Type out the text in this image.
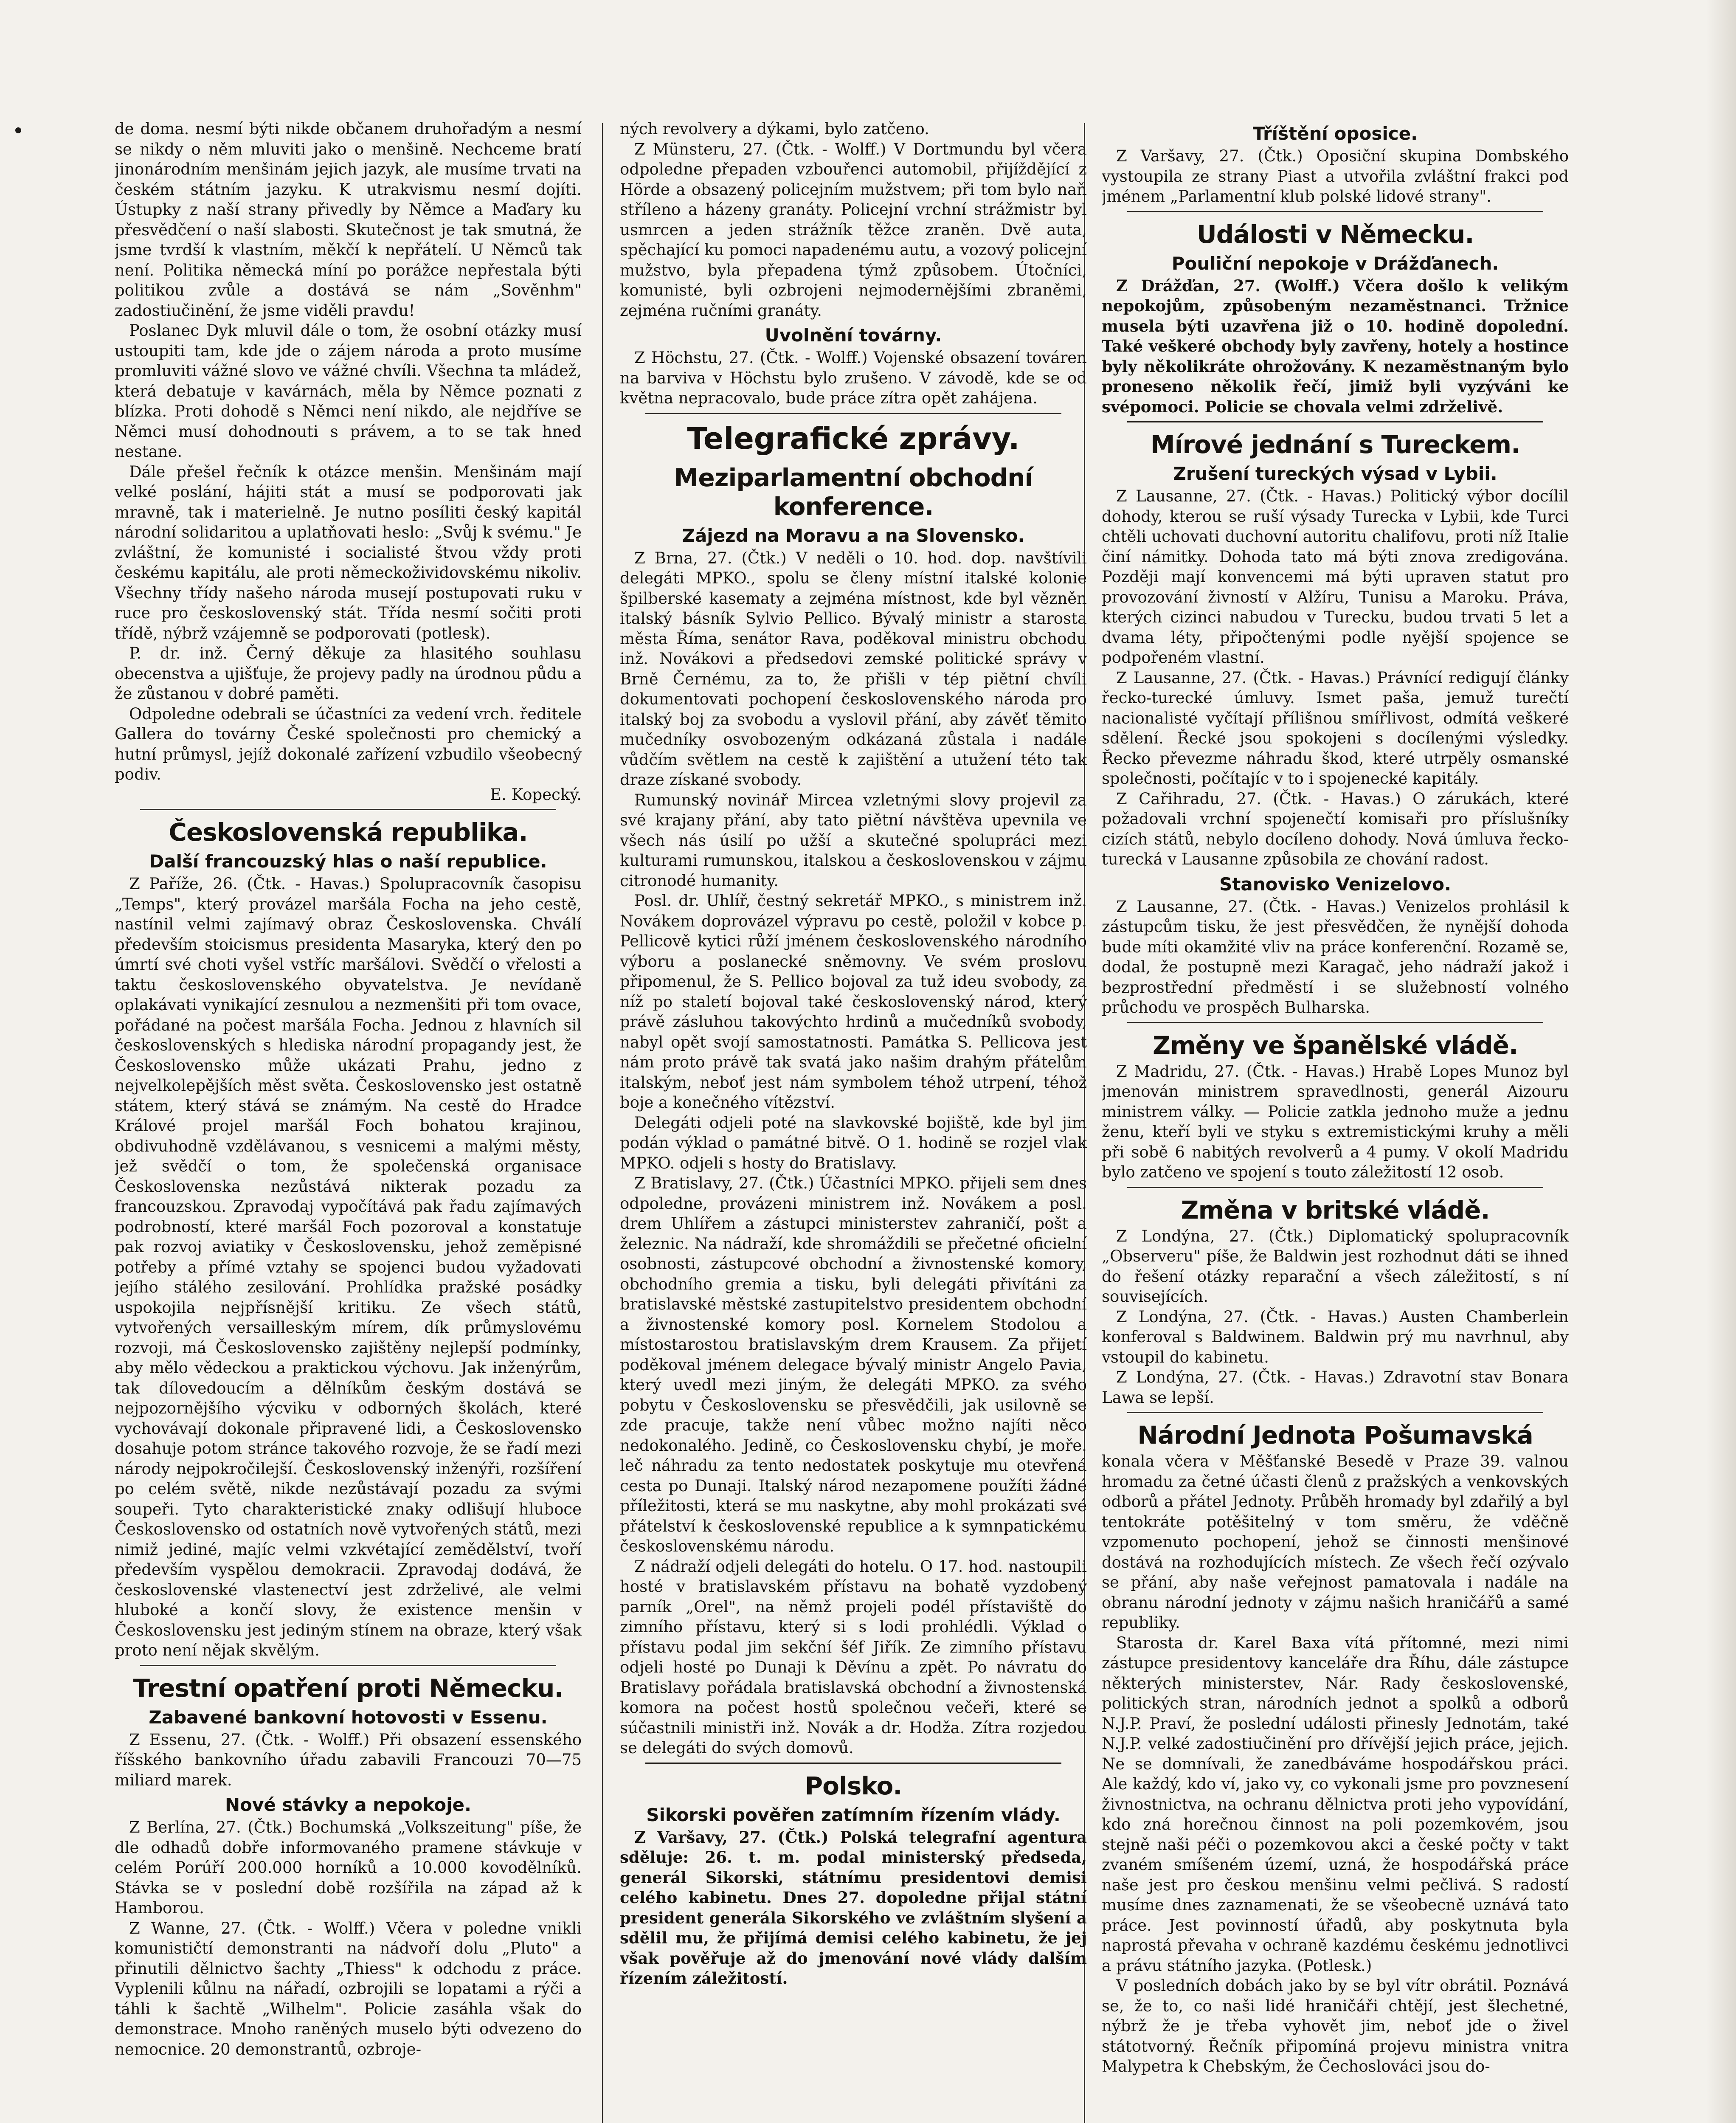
de doma. nesmí býti nikde občanem druhořadým a nesmí se nikdy o něm mluviti jako o menšině. Nechceme bratí jinonárodním menšinám jejich jazyk, ale musíme trvati na českém státním jazyku. K utrakvismu nesmí dojíti. Ústupky z naší strany přivedly by Němce a Maďary ku přesvědčení o naší slabosti. Skutečnost je tak smutná, že jsme tvrdší k vlastním, měkčí k nepřátelí. U Němců tak není. Politika německá míní po porážce nepřestala býti politikou zvůle a dostává se nám „Sověnhm" zadostiučinění, že jsme viděli pravdu!

Poslanec Dyk mluvil dále o tom, že osobní otázky musí ustoupiti tam, kde jde o zájem národa a proto musíme promluviti vážné slovo ve vážné chvíli. Všechna ta mládež, která debatuje v kavárnách, měla by Němce poznati z blízka. Proti dohodě s Němci není nikdo, ale nejdříve se Němci musí dohodnouti s právem, a to se tak hned nestane.

Dále přešel řečník k otázce menšin. Menšinám mají velké poslání, hájiti stát a musí se podporovati jak mravně, tak i materielně. Je nutno posíliti český kapitál národní solidaritou a uplatňovati heslo: „Svůj k svému." Je zvláštní, že komunisté i socialisté štvou vždy proti českému kapitálu, ale proti německožividovskému nikoliv. Všechny třídy našeho národa musejí postupovati ruku v ruce pro československý stát. Třída nesmí sočiti proti třídě, nýbrž vzájemně se podporovati (potlesk).

P. dr. inž. Černý děkuje za hlasitého souhlasu obecenstva a ujišťuje, že projevy padly na úrodnou půdu a že zůstanou v dobré paměti.

Odpoledne odebrali se účastníci za vedení vrch. ředitele Gallera do továrny České společnosti pro chemický a hutní průmysl, jejíž dokonalé zařízení vzbudilo všeobecný podiv.

E. Kopecký.

Československá republika.
Další francouzský hlas o naší republice.

Z Paříže, 26. (Čtk. - Havas.) Spolupracovník časopisu „Temps", který provázel maršála Focha na jeho cestě, nastínil velmi zajímavý obraz Československa. Chválí především stoicismus presidenta Masaryka, který den po úmrtí své choti vyšel vstříc maršálovi. Svědčí o vřelosti a taktu československého obyvatelstva. Je nevídaně oplakávati vynikající zesnulou a nezmenšiti při tom ovace, pořádané na počest maršála Focha. Jednou z hlavních sil československých s hlediska národní propagandy jest, že Československo může ukázati Prahu, jedno z nejvelkolepějších měst světa. Československo jest ostatně státem, který stává se známým. Na cestě do Hradce Králové projel maršál Foch bohatou krajinou, obdivuhodně vzdělávanou, s vesnicemi a malými městy, jež svědčí o tom, že společenská organisace Československa nezůstává nikterak pozadu za francouzskou. Zpravodaj vypočítává pak řadu zajímavých podrobností, které maršál Foch pozoroval a konstatuje pak rozvoj aviatiky v Československu, jehož zeměpisné potřeby a přímé vztahy se spojenci budou vyžadovati jejího stálého zesilování. Prohlídka pražské posádky uspokojila nejpřísnější kritiku. Ze všech států, vytvořených versailleským mírem, dík průmyslovému rozvoji, má Československo zajištěny nejlepší podmínky, aby mělo vědeckou a praktickou výchovu. Jak inženýrům, tak dílovedoucím a dělníkům českým dostává se nejpozornějšího výcviku v odborných školách, které vychovávají dokonale připravené lidi, a Československo dosahuje potom stránce takového rozvoje, že se řadí mezi národy nejpokročilejší. Československý inženýři, rozšíření po celém světě, nikde nezůstávají pozadu za svými soupeři. Tyto charakteristické znaky odlišují hluboce Československo od ostatních nově vytvořených států, mezi nimiž jediné, majíc velmi vzkvétající zemědělství, tvoří především vyspělou demokracii. Zpravodaj dodává, že československé vlastenectví jest zdrželivé, ale velmi hluboké a končí slovy, že existence menšin v Československu jest jediným stínem na obraze, který však proto není nějak skvělým.

Trestní opatření proti Německu.
Zabavené bankovní hotovosti v Essenu.

Z Essenu, 27. (Čtk. - Wolff.) Při obsazení essenského říšského bankovního úřadu zabavili Francouzi 70—75 miliard marek.

Nové stávky a nepokoje.

Z Berlína, 27. (Čtk.) Bochumská „Volkszeitung" píše, že dle odhadů dobře informovaného pramene stávkuje v celém Porúří 200.000 horníků a 10.000 kovodělníků. Stávka se v poslední době rozšířila na západ až k Hamborou.

Z Wanne, 27. (Čtk. - Wolff.) Včera v poledne vnikli komunističtí demonstranti na nádvoří dolu „Pluto" a přinutili dělnictvo šachty „Thiess" k odchodu z práce. Vyplenili kůlnu na nářadí, ozbrojili se lopatami a rýči a táhli k šachtě „Wilhelm". Policie zasáhla však do demonstrace. Mnoho raněných muselo býti odvezeno do nemocnice. 20 demonstrantů, ozbroje-

ných revolvery a dýkami, bylo zatčeno.

Z Münsteru, 27. (Čtk. - Wolff.) V Dortmundu byl včera odpoledne přepaden vzbouřenci automobil, přijíždějící z Hörde a obsazený policejním mužstvem; při tom bylo naň stříleno a házeny granáty. Policejní vrchní strážmistr byl usmrcen a jeden strážník těžce zraněn. Dvě auta, spěchající ku pomoci napadenému autu, a vozový policejní mužstvo, byla přepadena týmž způsobem. Útočníci, komunisté, byli ozbrojeni nejmodernějšími zbraněmi, zejména ručními granáty.

Uvolnění továrny.

Z Höchstu, 27. (Čtk. - Wolff.) Vojenské obsazení továren na barviva v Höchstu bylo zrušeno. V závodě, kde se od května nepracovalo, bude práce zítra opět zahájena.

Telegrafické zprávy.
Meziparlamentní obchodní konference.
Zájezd na Moravu a na Slovensko.

Z Brna, 27. (Čtk.) V neděli o 10. hod. dop. navštívili delegáti MPKO., spolu se členy místní italské kolonie špilberské kasematy a zejména místnost, kde byl vězněn italský básník Sylvio Pellico. Bývalý ministr a starosta města Říma, senátor Rava, poděkoval ministru obchodu inž. Novákovi a předsedovi zemské politické správy v Brně Černému, za to, že přišli v tép piětní chvíli dokumentovati pochopení československého národa pro italský boj za svobodu a vyslovil přání, aby závěť těmito mučedníky osvobozeným odkázaná zůstala i nadále vůdčím světlem na cestě k zajištění a utužení této tak draze získané svobody.

Rumunský novinář Mircea vzletnými slovy projevil za své krajany přání, aby tato piětní návštěva upevnila ve všech nás úsilí po užší a skutečné spolupráci mezi kulturami rumunskou, italskou a československou v zájmu citronodé humanity.

Posl. dr. Uhlíř, čestný sekretář MPKO., s ministrem inž. Novákem doprovázel výpravu po cestě, položil v kobce p. Pellicově kytici růží jménem československého národního výboru a poslanecké sněmovny. Ve svém proslovu připomenul, že S. Pellico bojoval za tuž ideu svobody, za níž po staletí bojoval také československý národ, který právě zásluhou takovýchto hrdinů a mučedníků svobody, nabyl opět svojí samostatnosti. Památka S. Pellicova jest nám proto právě tak svatá jako našim drahým přátelům italským, neboť jest nám symbolem téhož utrpení, téhož boje a konečného vítězství.

Delegáti odjeli poté na slavkovské bojiště, kde byl jim podán výklad o památné bitvě. O 1. hodině se rozjel vlak MPKO. odjeli s hosty do Bratislavy.

Z Bratislavy, 27. (Čtk.) Účastníci MPKO. přijeli sem dnes odpoledne, provázeni ministrem inž. Novákem a posl. drem Uhlířem a zástupci ministerstev zahraničí, pošt a železnic. Na nádraží, kde shromáždili se přečetné oficielní osobnosti, zástupcové obchodní a živnostenské komory, obchodního gremia a tisku, byli delegáti přivítáni za bratislavské městské zastupitelstvo presidentem obchodní a živnostenské komory posl. Kornelem Stodolou a místostarostou bratislavským drem Krausem. Za přijetí poděkoval jménem delegace bývalý ministr Angelo Pavia, který uvedl mezi jiným, že delegáti MPKO. za svého pobytu v Československu se přesvědčili, jak usilovně se zde pracuje, takže není vůbec možno najíti něco nedokonalého. Jedině, co Československu chybí, je moře. leč náhradu za tento nedostatek poskytuje mu otevřená cesta po Dunaji. Italský národ nezapomene použíti žádné příležitosti, která se mu naskytne, aby mohl prokázati své přátelství k československé republice a k symnpatickému československému národu.

Z nádraží odjeli delegáti do hotelu. O 17. hod. nastoupili hosté v bratislavském přístavu na bohatě vyzdobený parník „Orel", na němž projeli podél přístaviště do zimního přístavu, který si s lodi prohlédli. Výklad o přístavu podal jim sekční šéf Jiřík. Ze zimního přístavu odjeli hosté po Dunaji k Děvínu a zpět. Po návratu do Bratislavy pořádala bratislavská obchodní a živnostenská komora na počest hostů společnou večeři, které se súčastnili ministři inž. Novák a dr. Hodža. Zítra rozjedou se delegáti do svých domovů.

Polsko.
Sikorski pověřen zatímním řízením vlády.

Z Varšavy, 27. (Čtk.) Polská telegrafní agentura sděluje: 26. t. m. podal ministerský předseda, generál Sikorski, státnímu presidentovi demisi celého kabinetu. Dnes 27. dopoledne přijal státní president generála Sikorského ve zvláštním slyšení a sdělil mu, že přijímá demisi celého kabinetu, že jej však pověřuje až do jmenování nové vlády dalším řízením záležitostí.

Tříštění oposice.

Z Varšavy, 27. (Čtk.) Oposiční skupina Dombského vystoupila ze strany Piast a utvořila zvláštní frakci pod jménem „Parlamentní klub polské lidové strany".

Události v Německu.
Pouliční nepokoje v Drážďanech.

Z Drážďan, 27. (Wolff.) Včera došlo k velikým nepokojům, způsobeným nezaměstnanci. Tržnice musela býti uzavřena již o 10. hodině dopolední. Také veškeré obchody byly zavřeny, hotely a hostince byly několikráte ohrožovány. K nezaměstnaným bylo proneseno několik řečí, jimiž byli vyzýváni ke svépomoci. Policie se chovala velmi zdrželivě.

Mírové jednání s Tureckem.
Zrušení tureckých výsad v Lybii.

Z Lausanne, 27. (Čtk. - Havas.) Politický výbor docílil dohody, kterou se ruší výsady Turecka v Lybii, kde Turci chtěli uchovati duchovní autoritu chalifovu, proti níž Italie činí námitky. Dohoda tato má býti znova zredigována. Později mají konvencemi má býti upraven statut pro provozování živností v Alžíru, Tunisu a Maroku. Práva, kterých cizinci nabudou v Turecku, budou trvati 5 let a dvama léty, připočtenými podle nyější spojence se podpořeném vlastní.

Z Lausanne, 27. (Čtk. - Havas.) Právnící redigují články řecko-turecké úmluvy. Ismet paša, jemuž turečtí nacionalisté vyčítají přílišnou smířlivost, odmítá veškeré sdělení. Řecké jsou spokojeni s docílenými výsledky. Řecko převezme náhradu škod, které utrpěly osmanské společnosti, počítajíc v to i spojenecké kapitály.

Z Cařihradu, 27. (Čtk. - Havas.) O zárukách, které požadovali vrchní spojenečtí komisaři pro příslušníky cizích států, nebylo docíleno dohody. Nová úmluva řecko-turecká v Lausanne způsobila ze chování radost.

Stanovisko Venizelovo.

Z Lausanne, 27. (Čtk. - Havas.) Venizelos prohlásil k zástupcům tisku, že jest přesvědčen, že nynější dohoda bude míti okamžité vliv na práce konferenční. Rozamě se, dodal, že postupně mezi Karagač, jeho nádraží jakož i bezprostřední předměstí i se služebností volného průchodu ve prospěch Bulharska.

Změny ve španělské vládě.

Z Madridu, 27. (Čtk. - Havas.) Hrabě Lopes Munoz byl jmenován ministrem spravedlnosti, generál Aizouru ministrem války. — Policie zatkla jednoho muže a jednu ženu, kteří byli ve styku s extremistickými kruhy a měli při sobě 6 nabitých revolverů a 4 pumy. V okolí Madridu bylo zatčeno ve spojení s touto záležitostí 12 osob.

Změna v britské vládě.

Z Londýna, 27. (Čtk.) Diplomatický spolupracovník „Observeru" píše, že Baldwin jest rozhodnut dáti se ihned do řešení otázky reparační a všech záležitostí, s ní souvisejících.

Z Londýna, 27. (Čtk. - Havas.) Austen Chamberlein konferoval s Baldwinem. Baldwin prý mu navrhnul, aby vstoupil do kabinetu.

Z Londýna, 27. (Čtk. - Havas.) Zdravotní stav Bonara Lawa se lepší.

Národní Jednota Pošumavská

konala včera v Měšťanské Besedě v Praze 39. valnou hromadu za četné účasti členů z pražských a venkovských odborů a přátel Jednoty. Průběh hromady byl zdařilý a byl tentokráte potěšitelný v tom směru, že vděčně vzpomenuto pochopení, jehož se činnosti menšinové dostává na rozhodujících místech. Ze všech řečí ozývalo se přání, aby naše veřejnost pamatovala i nadále na obranu národní jednoty v zájmu našich hraničářů a samé republiky.

Starosta dr. Karel Baxa vítá přítomné, mezi nimi zástupce presidentovy kanceláře dra Říhu, dále zástupce některých ministerstev, Nár. Rady československé, politických stran, národních jednot a spolků a odborů N.J.P. Praví, že poslední události přinesly Jednotám, také N.J.P. velké zadostiučinění pro dřívější jejich práce, jejich. Ne se domnívali, že zanedbáváme hospodářskou práci. Ale každý, kdo ví, jako vy, co vykonali jsme pro povznesení živnostnictva, na ochranu dělnictva proti jeho vypovídání, kdo zná horečnou činnost na poli pozemkovém, jsou stejně naši péči o pozemkovou akci a české počty v takt zvaném smíšeném území, uzná, že hospodářská práce naše jest pro českou menšinu velmi pečlivá. S radostí musíme dnes zaznamenati, že se všeobecně uznává tato práce. Jest povinností úřadů, aby poskytnuta byla naprostá převaha v ochraně kazdému českému jednotlivci a právu státního jazyka. (Potlesk.)

V posledních dobách jako by se byl vítr obrátil. Poznává se, že to, co naši lidé hraničáři chtějí, jest šlechetné, nýbrž že je třeba vyhovět jim, neboť jde o živel státotvorný. Řečník připomíná projevu ministra vnitra Malypetra k Chebským, že Čechoslováci jsou do-
